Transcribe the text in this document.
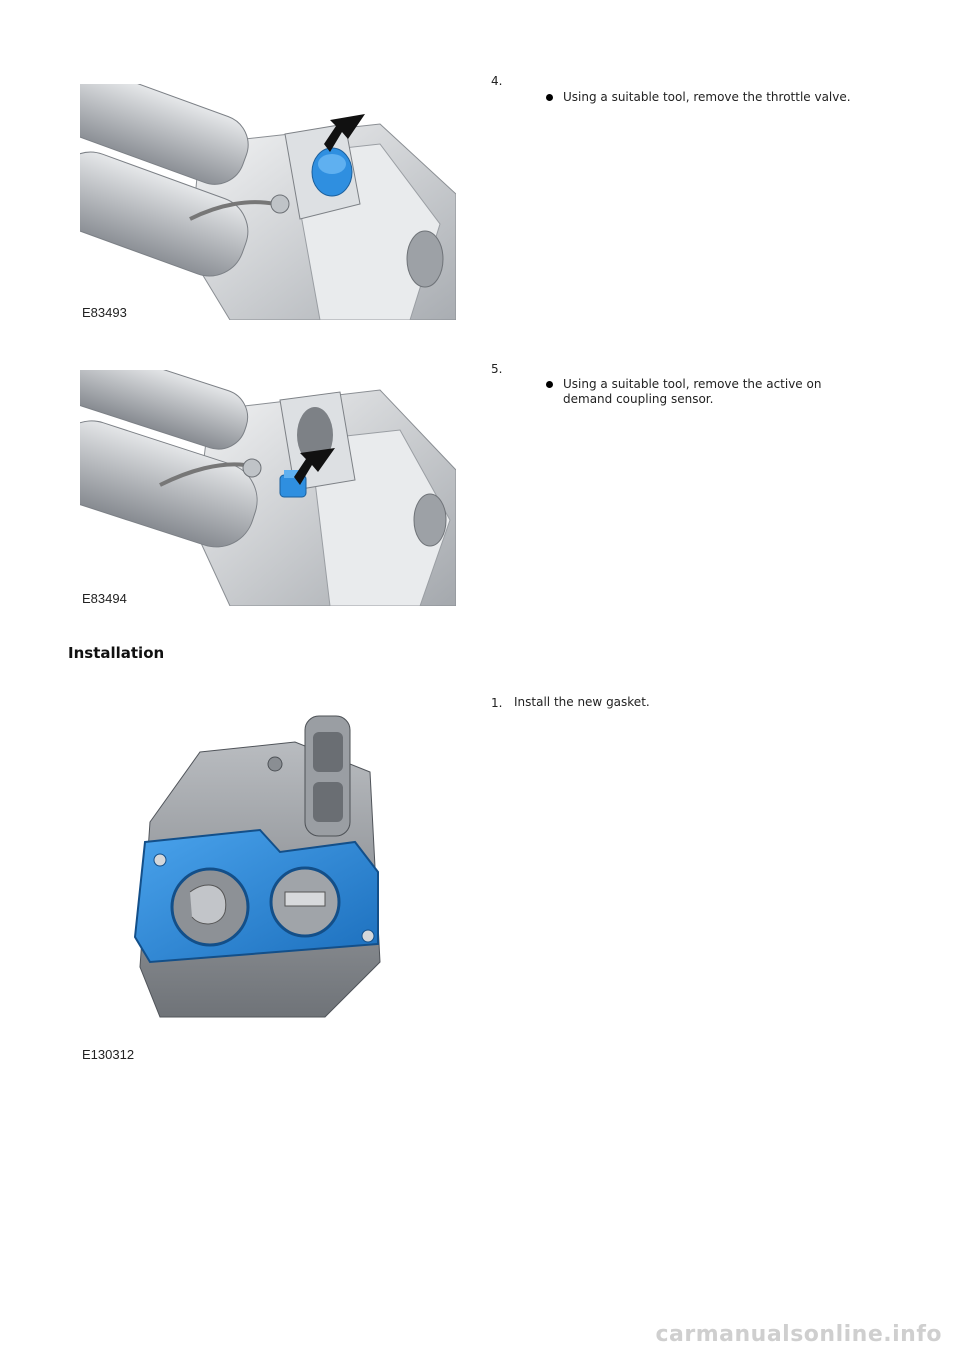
E83493
4.
Using a suitable tool, remove the throttle valve.
E83494
5.
Using a suitable tool, remove the active on
demand coupling sensor.
Installation
1. Install the new gasket.
E130312
carmanualsonline.info
